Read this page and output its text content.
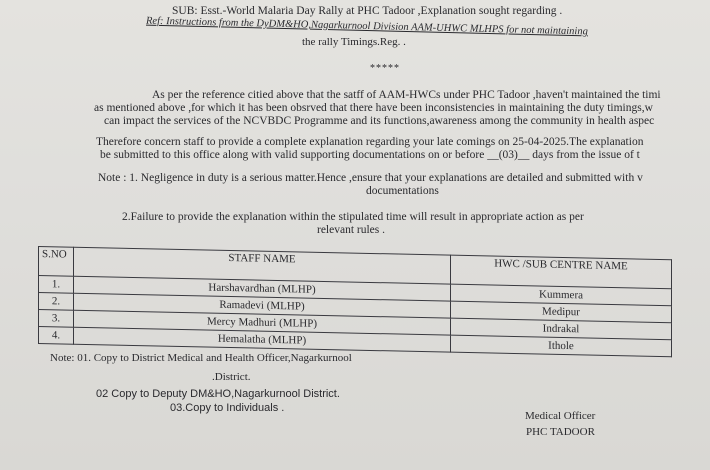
SUB: Esst.-World Malaria Day Rally at PHC Tadoor ,Explanation sought regarding .
Ref: Instructions from the DyDM&HO,Nagarkurnool Division AAM-UHWC MLHPS for not maintaining
the rally Timings.Reg. .
*****
As per the reference citied above that the satff of AAM-HWCs under PHC Tadoor ,haven't maintained the timi
as mentioned above ,for which it has been obsrved that there have been inconsistencies in maintaining the duty timings,w
can impact the services of the NCVBDC Programme and its functions,awareness among the community in health aspec
Therefore concern staff to provide a complete explanation regarding your late comings on 25-04-2025.The explanation
be submitted to this office along with valid supporting documentations on or before __(03)__ days from the issue of t
Note : 1. Negligence in duty is a serious matter.Hence ,ensure that your explanations are detailed and submitted with v
documentations
2.Failure to provide the explanation within the stipulated time will result in appropriate action as per
relevant rules .
S.NO	STAFF NAME	HWC /SUB CENTRE NAME
1.	Harshavardhan (MLHP)	Kummera
2.	Ramadevi (MLHP)	Medipur
3.	Mercy Madhuri (MLHP)	Indrakal
4.	Hemalatha (MLHP)	Ithole
Note: 01. Copy to District Medical and Health Officer,Nagarkurnool
.District.
02 Copy to Deputy DM&HO,Nagarkurnool District.
03.Copy to Individuals .
Medical Officer
PHC TADOOR
